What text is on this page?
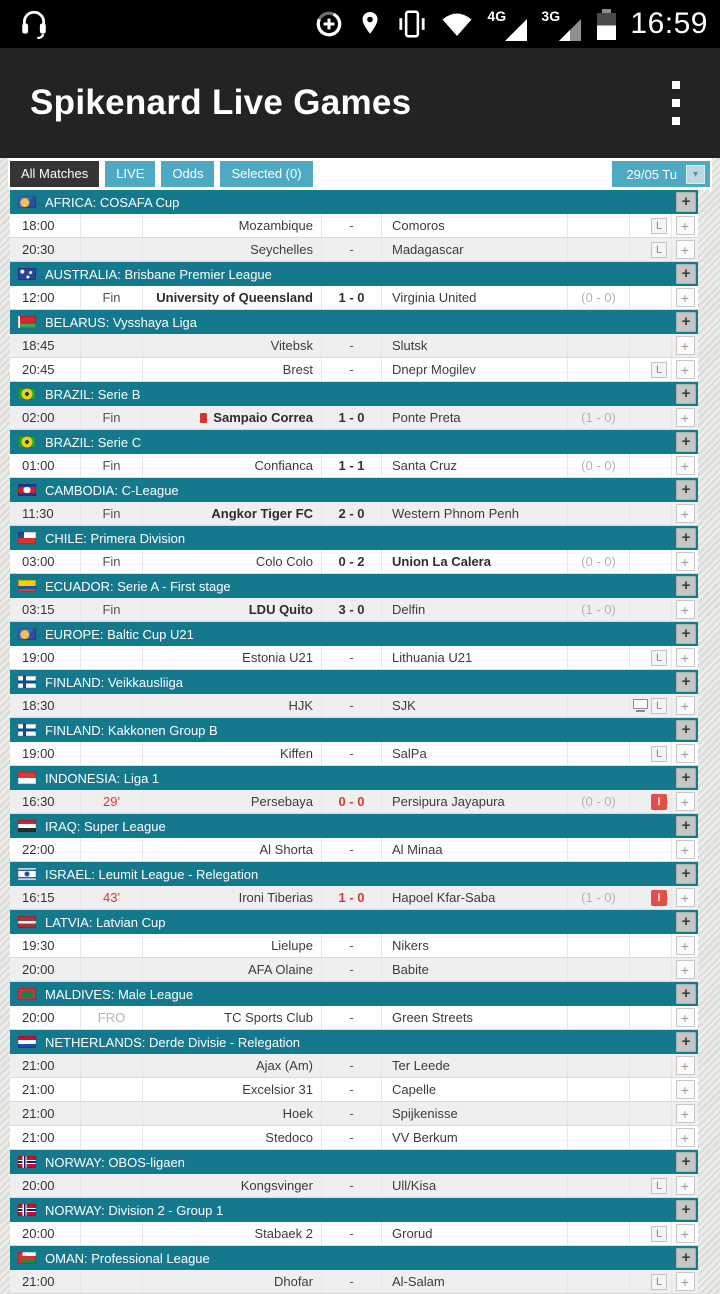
4G	3G 16:59
Spikenard Live Games
All Matches	LIVE	Odds	Selected (0)	29/05 Tu	▾
AFRICA: COSAFA Cup	+
18:00	Mozambique	-	Comoros	L	+
20:30	Seychelles	-	Madagascar	L	+
AUSTRALIA: Brisbane Premier League	+
12:00	Fin	University of Queensland	1 - 0	Virginia United	(0 - 0)	+
BELARUS: Vysshaya Liga	+
18:45	Vitebsk	-	Slutsk	+
20:45	Brest	-	Dnepr Mogilev	L	+
BRAZIL: Serie B	+
02:00	Fin	Sampaio Correa	1 - 0	Ponte Preta	(1 - 0)	+
BRAZIL: Serie C	+
01:00	Fin	Confianca	1 - 1	Santa Cruz	(0 - 0)	+
CAMBODIA: C-League	+
11:30	Fin	Angkor Tiger FC	2 - 0	Western Phnom Penh	+
CHILE: Primera Division	+
03:00	Fin	Colo Colo	0 - 2	Union La Calera	(0 - 0)	+
ECUADOR: Serie A - First stage	+
03:15	Fin	LDU Quito	3 - 0	Delfin	(1 - 0)	+
EUROPE: Baltic Cup U21	+
19:00	Estonia U21	-	Lithuania U21	L	+
FINLAND: Veikkausliiga	+
18:30	HJK	-	SJK	L	+
FINLAND: Kakkonen Group B	+
19:00	Kiffen	-	SalPa	L	+
INDONESIA: Liga 1	+
16:30	29'	Persebaya	0 - 0	Persipura Jayapura	(0 - 0)	!	+
IRAQ: Super League	+
22:00	Al Shorta	-	Al Minaa	+
ISRAEL: Leumit League - Relegation	+
16:15	43'	Ironi Tiberias	1 - 0	Hapoel Kfar-Saba	(1 - 0)	!	+
LATVIA: Latvian Cup	+
19:30	Lielupe	-	Nikers	+
20:00	AFA Olaine	-	Babite	+
MALDIVES: Male League	+
20:00	FRO	TC Sports Club	-	Green Streets	+
NETHERLANDS: Derde Divisie - Relegation	+
21:00	Ajax (Am)	-	Ter Leede	+
21:00	Excelsior 31	-	Capelle	+
21:00	Hoek	-	Spijkenisse	+
21:00	Stedoco	-	VV Berkum	+
NORWAY: OBOS-ligaen	+
20:00	Kongsvinger	-	Ull/Kisa	L	+
NORWAY: Division 2 - Group 1	+
20:00	Stabaek 2	-	Grorud	L	+
OMAN: Professional League	+
21:00	Dhofar	-	Al-Salam	L	+
